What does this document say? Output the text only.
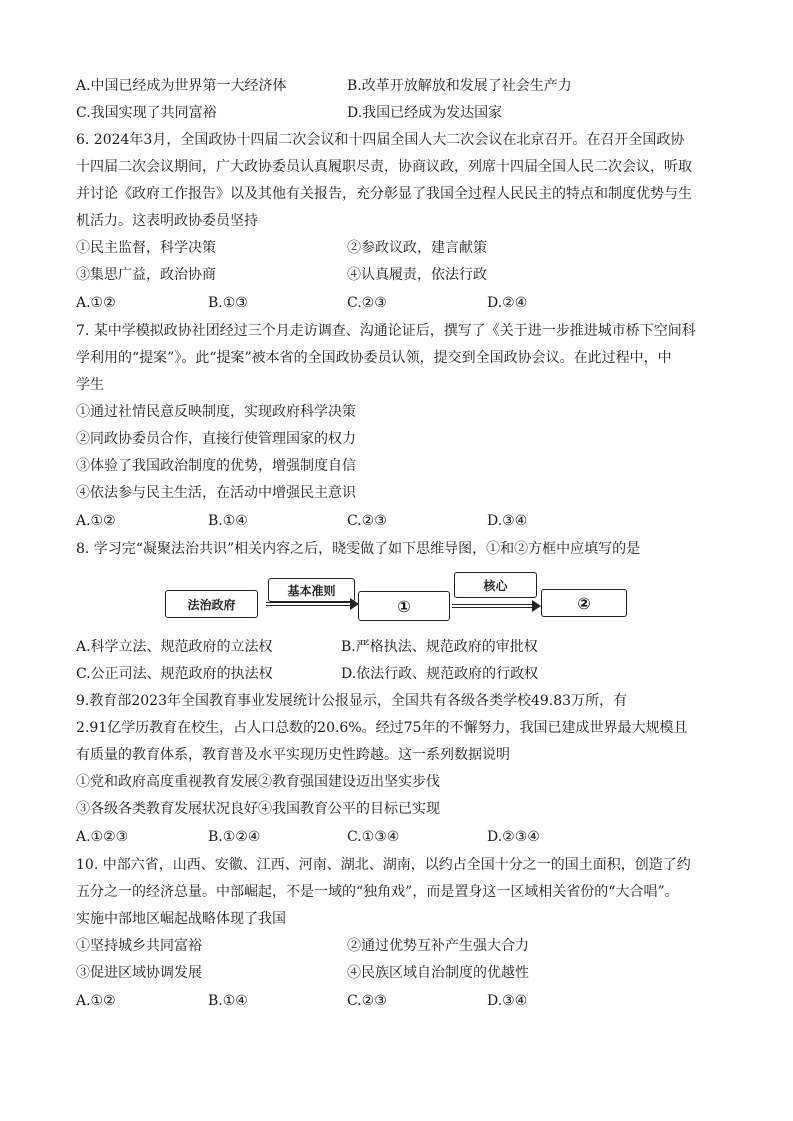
A.中国已经成为世界第一大经济体	B.改革开放解放和发展了社会生产力
C.我国实现了共同富裕	D.我国已经成为发达国家
6. 2024年3月，全国政协十四届二次会议和十四届全国人大二次会议在北京召开。在召开全国政协
十四届二次会议期间，广大政协委员认真履职尽责，协商议政，列席十四届全国人民二次会议，听取
并讨论《政府工作报告》以及其他有关报告，充分彰显了我国全过程人民民主的特点和制度优势与生
机活力。这表明政协委员坚持
①民主监督，科学决策	②参政议政，建言献策
③集思广益，政治协商	④认真履责，依法行政
A.①②	B.①③	C.②③	D.②④
7. 某中学模拟政协社团经过三个月走访调查、沟通论证后，撰写了《关于进一步推进城市桥下空间科
学利用的“提案”》。此“提案”被本省的全国政协委员认领，提交到全国政协会议。在此过程中，中
学生
①通过社情民意反映制度，实现政府科学决策
②同政协委员合作，直接行使管理国家的权力
③体验了我国政治制度的优势，增强制度自信
④依法参与民主生活，在活动中增强民主意识
A.①②	B.①④	C.②③	D.③④
8. 学习完“凝聚法治共识”相关内容之后，晓雯做了如下思维导图，①和②方框中应填写的是
法治政府
基本准则
①
核心
②
A.科学立法、规范政府的立法权	B.严格执法、规范政府的审批权
C.公正司法、规范政府的执法权	D.依法行政、规范政府的行政权
9.教育部2023年全国教育事业发展统计公报显示，全国共有各级各类学校49.83万所，有
2.91亿学历教育在校生，占人口总数的20.6%。经过75年的不懈努力，我国已建成世界最大规模且
有质量的教育体系，教育普及水平实现历史性跨越。这一系列数据说明
①党和政府高度重视教育发展②教育强国建设迈出坚实步伐
③各级各类教育发展状况良好④我国教育公平的目标已实现
A.①②③	B.①②④	C.①③④	D.②③④
10. 中部六省，山西、安徽、江西、河南、湖北、湖南，以约占全国十分之一的国土面积，创造了约
五分之一的经济总量。中部崛起，不是一域的“独角戏”，而是置身这一区域相关省份的“大合唱”。
实施中部地区崛起战略体现了我国
①坚持城乡共同富裕	②通过优势互补产生强大合力
③促进区域协调发展	④民族区域自治制度的优越性
A.①②	B.①④	C.②③	D.③④
